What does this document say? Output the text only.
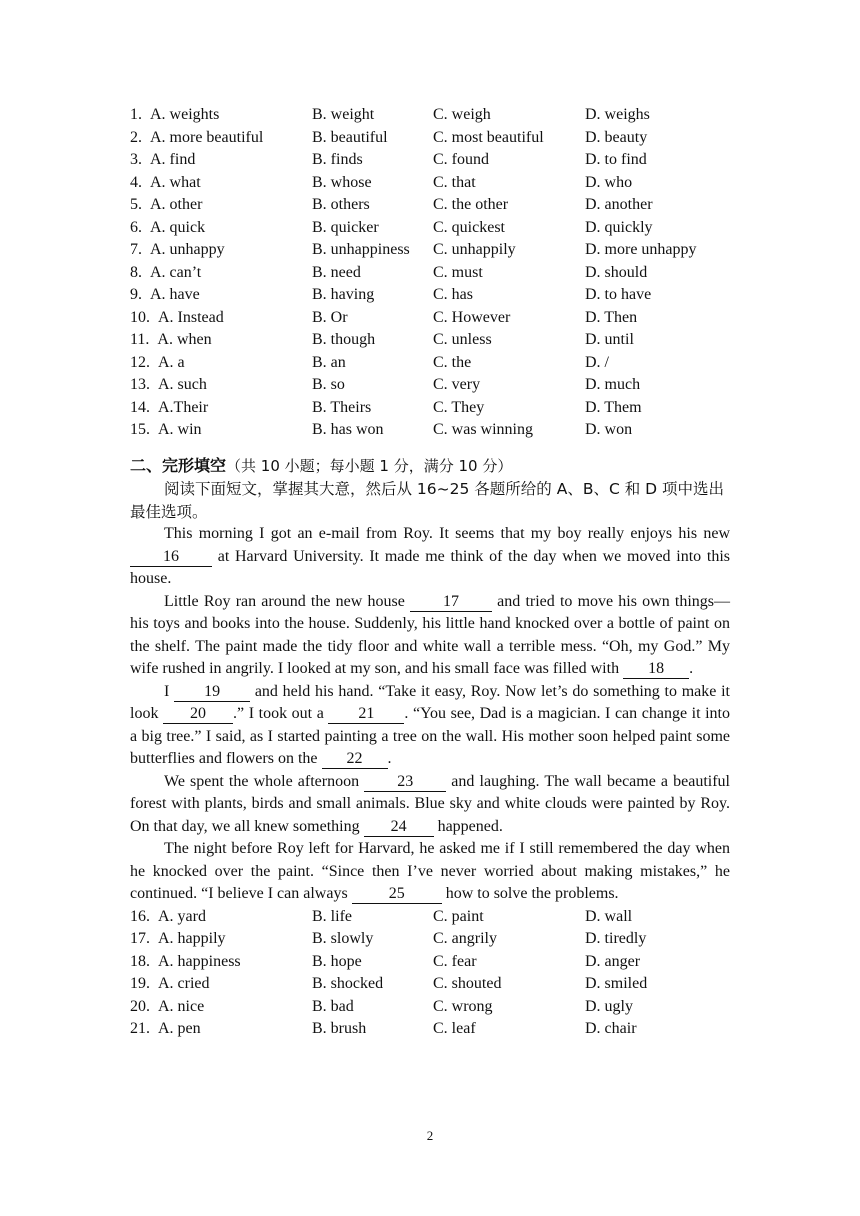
1. A. weights	B. weight	C. weigh	D. weighs
2. A. more beautiful	B. beautiful	C. most beautiful	D. beauty
3. A. find	B. finds	C. found	D. to find
4. A. what	B. whose	C. that	D. who
5. A. other	B. others	C. the other	D. another
6. A. quick	B. quicker	C. quickest	D. quickly
7. A. unhappy	B. unhappiness	C. unhappily	D. more unhappy
8. A. can’t	B. need	C. must	D. should
9. A. have	B. having	C. has	D. to have
10. A. Instead	B. Or	C. However	D. Then
11. A. when	B. though	C. unless	D. until
12. A. a	B. an	C. the	D. /
13. A. such	B. so	C. very	D. much
14. A.Their	B. Theirs	C. They	D. Them
15. A. win	B. has won	C. was winning	D. won
二、完形填空（共 10 小题；每小题 1 分，满分 10 分）

阅读下面短文，掌握其大意，然后从 16~25 各题所给的 A、B、C 和 D 项中选出最佳选项。

This morning I got an e-mail from Roy. It seems that my boy really enjoys his new 16 at Harvard University. It made me think of the day when we moved into this house.

Little Roy ran around the new house 17 and tried to move his own things—his toys and books into the house. Suddenly, his little hand knocked over a bottle of paint on the shelf. The paint made the tidy floor and white wall a terrible mess. “Oh, my God.” My wife rushed in angrily. I looked at my son, and his small face was filled with 18 .

I 19 and held his hand. “Take it easy, Roy. Now let’s do something to make it look 20 .” I took out a 21 . “You see, Dad is a magician. I can change it into a big tree.” I said, as I started painting a tree on the wall. His mother soon helped paint some butterflies and flowers on the 22 .

We spent the whole afternoon 23 and laughing. The wall became a beautiful forest with plants, birds and small animals. Blue sky and white clouds were painted by Roy. On that day, we all knew something 24 happened.

The night before Roy left for Harvard, he asked me if I still remembered the day when he knocked over the paint. “Since then I’ve never worried about making mistakes,” he continued. “I believe I can always 25 how to solve the problems.

16. A. yard	B. life	C. paint	D. wall
17. A. happily	B. slowly	C. angrily	D. tiredly
18. A. happiness	B. hope	C. fear	D. anger
19. A. cried	B. shocked	C. shouted	D. smiled
20. A. nice	B. bad	C. wrong	D. ugly
21. A. pen	B. brush	C. leaf	D. chair
2
